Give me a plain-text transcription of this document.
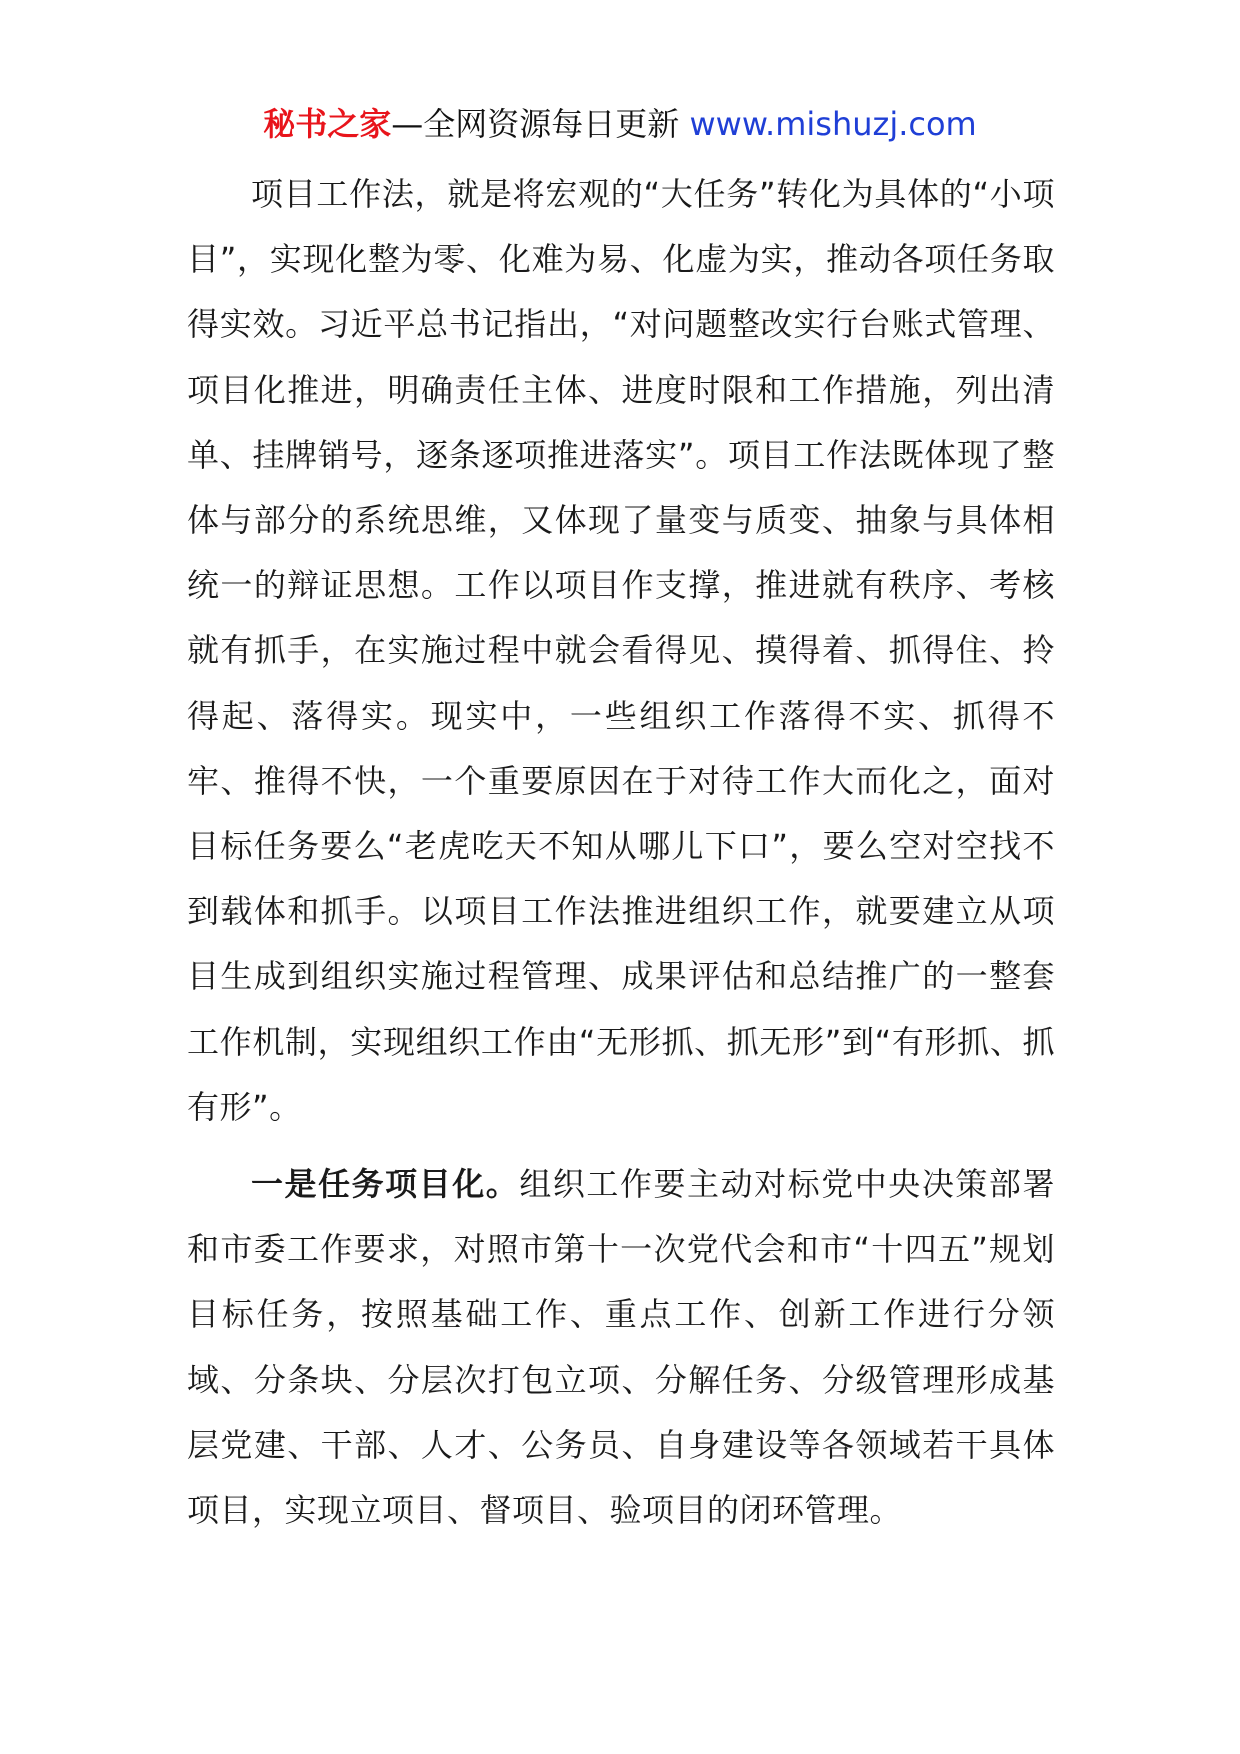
秘书之家—全网资源每日更新 www.mishuzj.com

项目工作法，就是将宏观的“大任务”转化为具体的“小项目”，实现化整为零、化难为易、化虚为实，推动各项任务取得实效。习近平总书记指出，“对问题整改实行台账式管理、项目化推进，明确责任主体、进度时限和工作措施，列出清单、挂牌销号，逐条逐项推进落实”。项目工作法既体现了整体与部分的系统思维，又体现了量变与质变、抽象与具体相统一的辩证思想。工作以项目作支撑，推进就有秩序、考核就有抓手，在实施过程中就会看得见、摸得着、抓得住、拎得起、落得实。现实中，一些组织工作落得不实、抓得不牢、推得不快，一个重要原因在于对待工作大而化之，面对目标任务要么“老虎吃天不知从哪儿下口”，要么空对空找不到载体和抓手。以项目工作法推进组织工作，就要建立从项目生成到组织实施过程管理、成果评估和总结推广的一整套工作机制，实现组织工作由“无形抓、抓无形”到“有形抓、抓有形”。

一是任务项目化。组织工作要主动对标党中央决策部署和市委工作要求，对照市第十一次党代会和市“十四五”规划目标任务，按照基础工作、重点工作、创新工作进行分领域、分条块、分层次打包立项、分解任务、分级管理形成基层党建、干部、人才、公务员、自身建设等各领域若干具体项目，实现立项目、督项目、验项目的闭环管理。
